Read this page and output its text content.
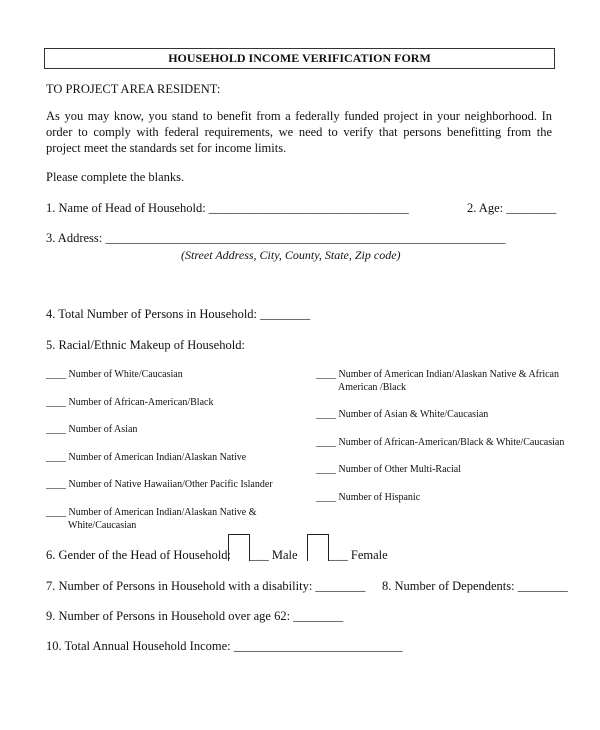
HOUSEHOLD INCOME VERIFICATION FORM
TO PROJECT AREA RESIDENT:
As you may know, you stand to benefit from a federally funded project in your neighborhood. In order to comply with federal requirements, we need to verify that persons benefitting from the project meet the standards set for income limits.
Please complete the blanks.
1. Name of Head of Household: ________________________________	2. Age: ________
3. Address: ________________________________________________________________
(Street Address, City, County, State, Zip code)
4. Total Number of Persons in Household: ________
5. Racial/Ethnic Makeup of Household:
____ Number of White/Caucasian
____ Number of African-American/Black
____ Number of Asian
____ Number of American Indian/Alaskan Native
____ Number of Native Hawaiian/Other Pacific Islander
____ Number of American Indian/Alaskan Native &
White/Caucasian
____ Number of American Indian/Alaskan Native & African
American /Black
____ Number of Asian & White/Caucasian
____ Number of African-American/Black & White/Caucasian
____ Number of Other Multi-Racial
____ Number of Hispanic
6. Gender of the Head of Household: ___ Male	___ Female
7. Number of Persons in Household with a disability: ________ 8. Number of Dependents: ________
9. Number of Persons in Household over age 62: ________
10. Total Annual Household Income: ___________________________
